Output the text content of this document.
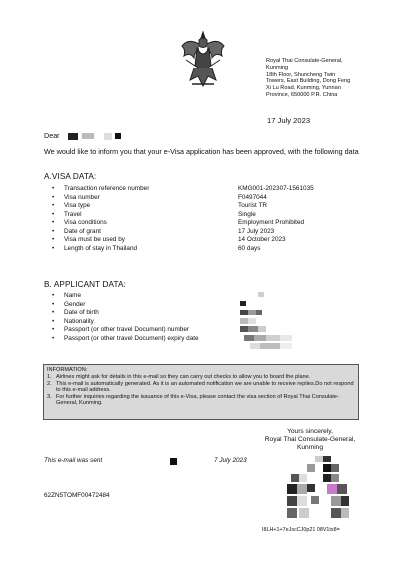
Royal Thai Consulate-General,
Kunming
18th Floor, Shuncheng Twin
Towers, East Building, Dong Feng
Xi Lu Road, Kunming, Yunnan
Province, 650000 P.R. China
17 July 2023
Dear
We would like to inform you that your e-Visa application has been approved, with the following data
A.VISA DATA:
• Transaction reference number	KMG001-202307-1561035
• Visa number	F0497044
• Visa type	Tourist TR
• Travel	Single
• Visa conditions	Employment Prohibited
• Date of grant	17 July 2023
• Visa must be used by	14 October 2023
• Length of stay in Thailand	60 days
B. APPLICANT DATA:
• Name
• Gender
• Date of birth
• Nationality
• Passport (or other travel Document) number
• Passport (or other travel Document) expiry date
INFORMATION:
1. Airlines might ask for details in this e-mail so they can carry out checks to allow you to board the plane.
2. This e-mail is automatically generated. As it is an automated notification we are unable to receive replies.Do not respond to this e-mail address.
3. For further inquiries regarding the issuance of this e-Visa, please contact the visa section of Royal Thai Consulate-General, Kunming.
Yours sincerely,
Royal Thai Consulate-General,
Kunming
This e-mail was sent	7 July 2023
62ZN5TOMF00472484
I8LH+1+7eJscCJ0p21 08V1tx8=
